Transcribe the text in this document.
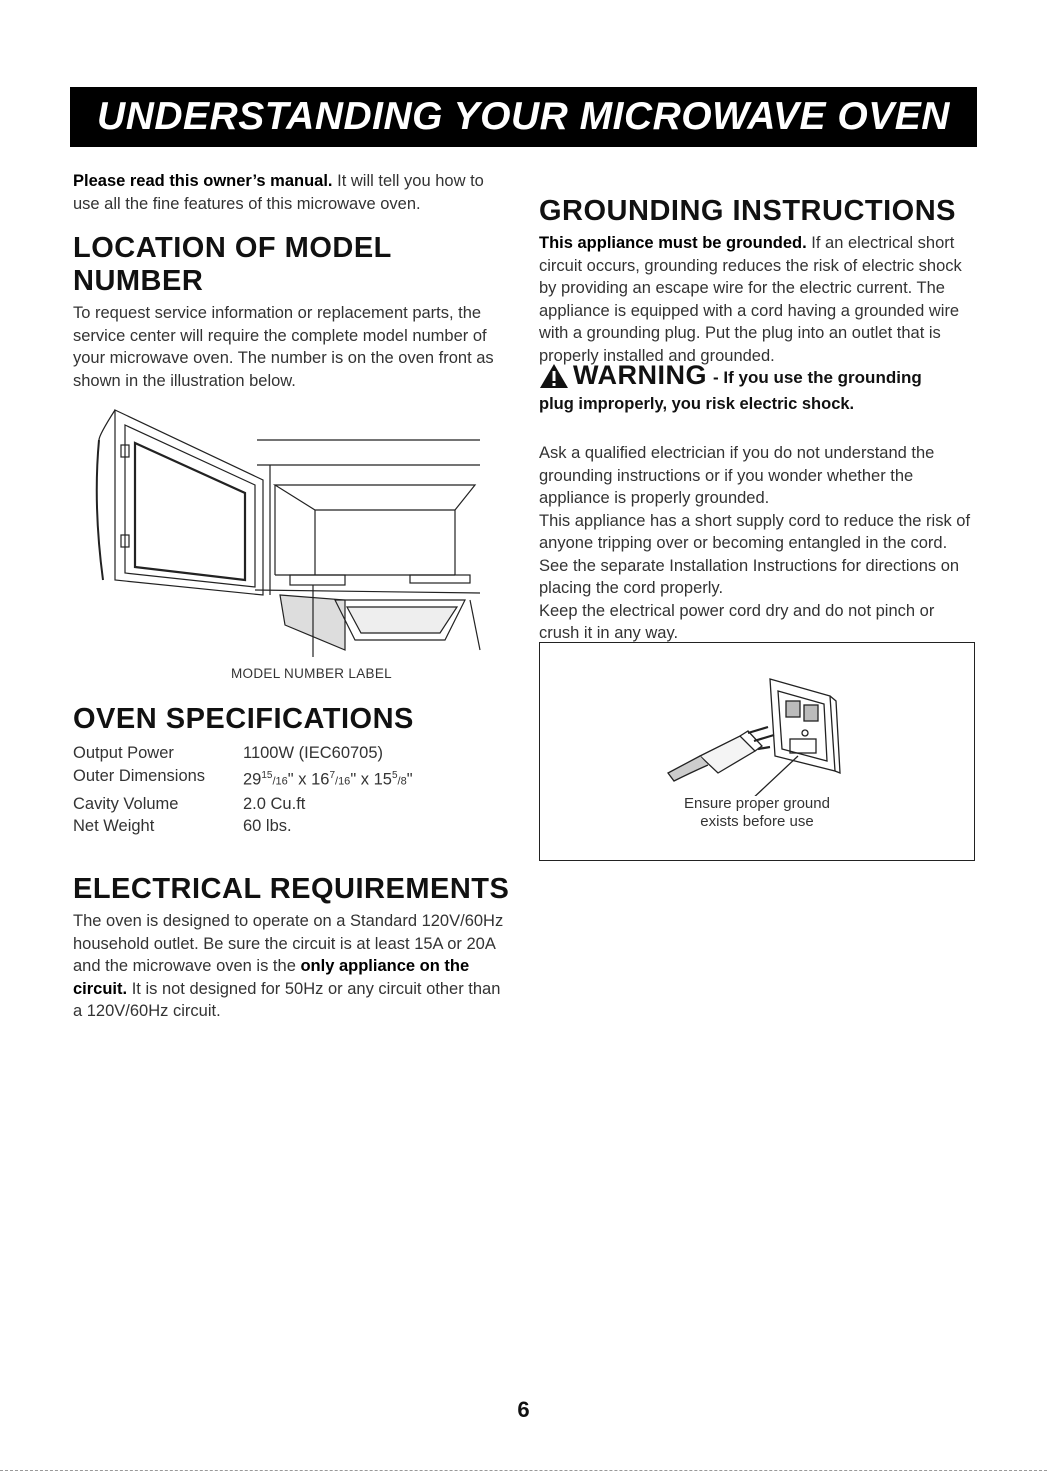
UNDERSTANDING YOUR MICROWAVE OVEN

Please read this owner’s manual. It will tell you how to use all the fine features of this microwave oven.

LOCATION OF MODEL NUMBER

To request service information or replacement parts, the service center will require the complete model number of your microwave oven. The number is on the oven front as shown in the illustration below.

MODEL NUMBER LABEL
OVEN SPECIFICATIONS
Output Power	1100W (IEC60705)
Outer Dimensions	$29^{15}/16$" x $16^7/16$" x $15^5/8$"
Cavity Volume	2.0 Cu.ft
Net Weight	60 lbs.
ELECTRICAL REQUIREMENTS

The oven is designed to operate on a Standard 120V/60Hz household outlet. Be sure the circuit is at least 15A or 20A and the microwave oven is the only appliance on the circuit. It is not designed for 50Hz or any circuit other than a 120V/60Hz circuit.

GROUNDING INSTRUCTIONS

This appliance must be grounded. If an electrical short circuit occurs, grounding reduces the risk of electric shock by providing an escape wire for the electric current. The appliance is equipped with a cord having a grounded wire with a grounding plug. Put the plug into an outlet that is properly installed and grounded.

WARNING - If you use the grounding
plug improperly, you risk electric shock.

Ask a qualified electrician if you do not understand the grounding instructions or if you wonder whether the appliance is properly grounded.

This appliance has a short supply cord to reduce the risk of anyone tripping over or becoming entangled in the cord. See the separate Installation Instructions for directions on placing the cord properly.

Keep the electrical power cord dry and do not pinch or crush it in any way.

Ensure proper ground
exists before use
6
